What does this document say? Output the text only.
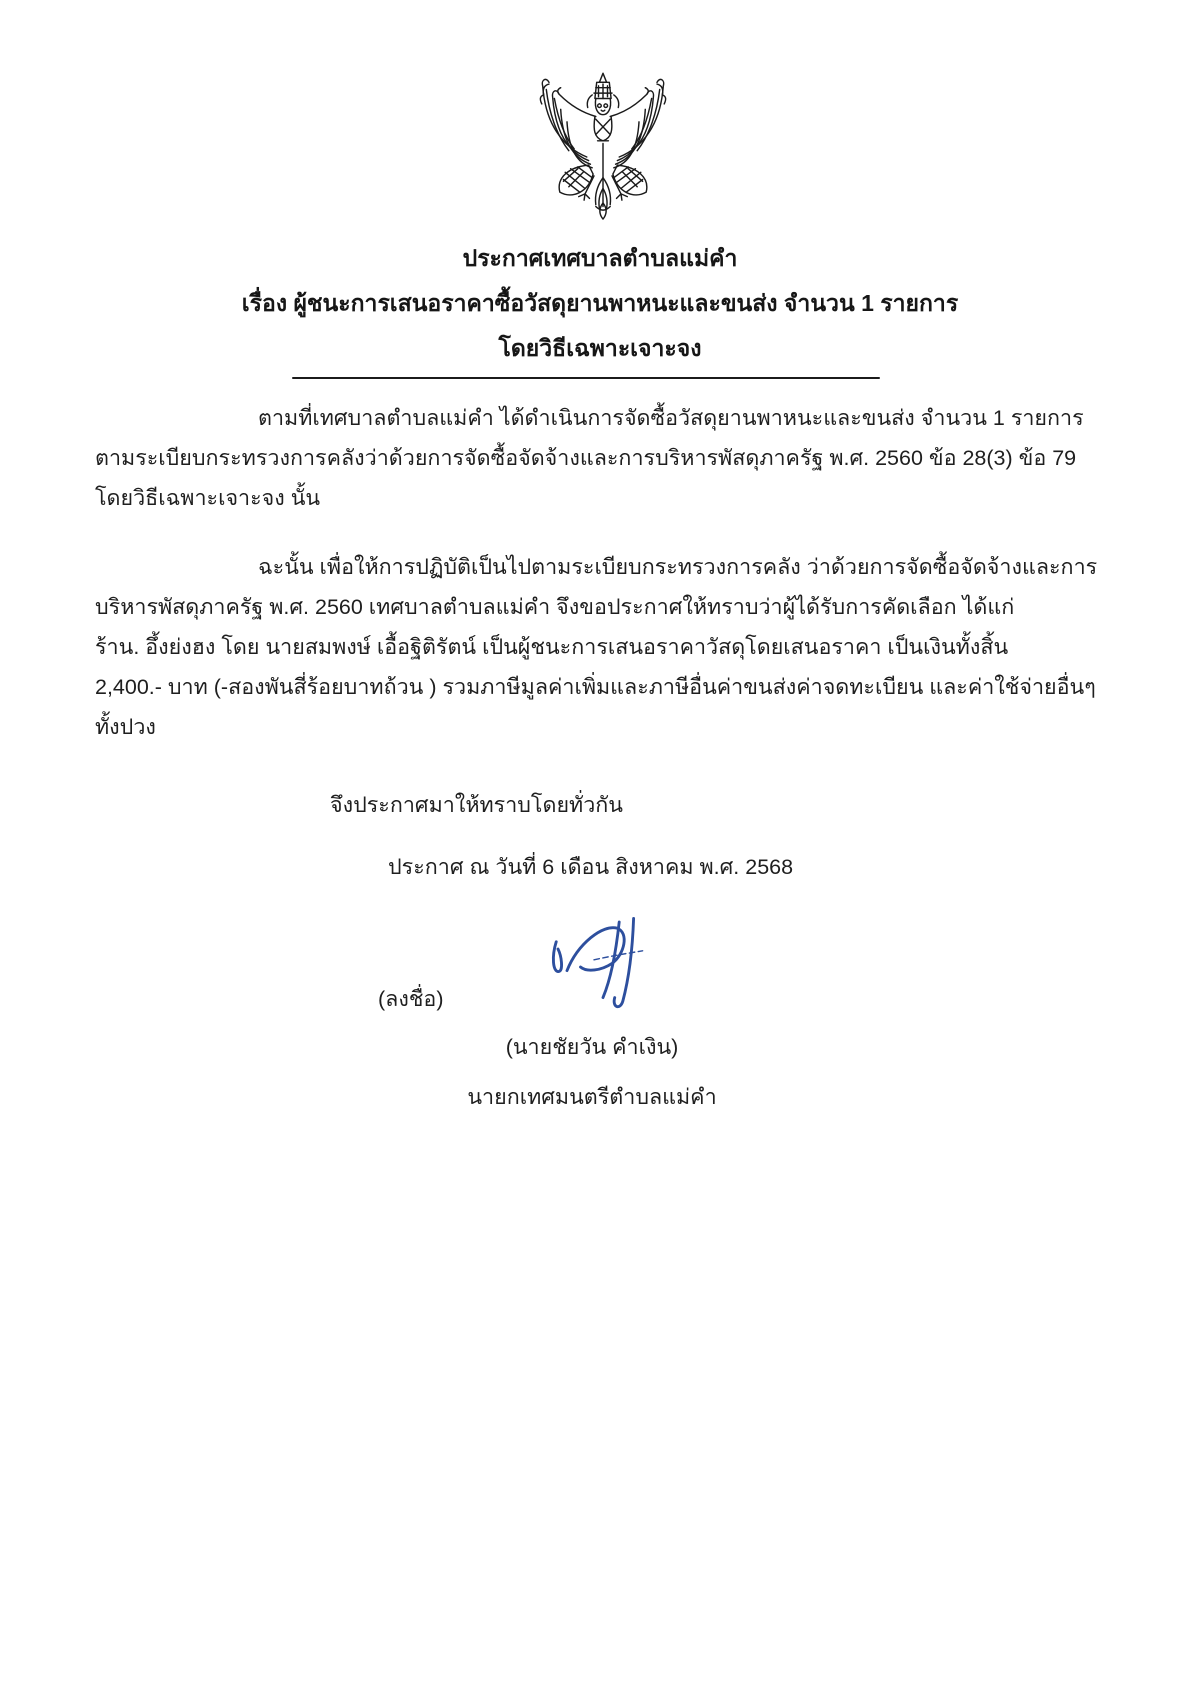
ประกาศเทศบาลตำบลแม่คำ
เรื่อง ผู้ชนะการเสนอราคาซื้อวัสดุยานพาหนะและขนส่ง จำนวน 1 รายการ
โดยวิธีเฉพาะเจาะจง
ตามที่เทศบาลตำบลแม่คำ ได้ดำเนินการจัดซื้อวัสดุยานพาหนะและขนส่ง จำนวน 1 รายการ
ตามระเบียบกระทรวงการคลังว่าด้วยการจัดซื้อจัดจ้างและการบริหารพัสดุภาครัฐ พ.ศ. 2560 ข้อ 28(3) ข้อ 79
โดยวิธีเฉพาะเจาะจง นั้น
ฉะนั้น เพื่อให้การปฏิบัติเป็นไปตามระเบียบกระทรวงการคลัง ว่าด้วยการจัดซื้อจัดจ้างและการ
บริหารพัสดุภาครัฐ พ.ศ. 2560 เทศบาลตำบลแม่คำ จึงขอประกาศให้ทราบว่าผู้ได้รับการคัดเลือก ได้แก่
ร้าน. อึ้งย่งฮง โดย นายสมพงษ์ เอื้อฐิติรัตน์ เป็นผู้ชนะการเสนอราคาวัสดุโดยเสนอราคา เป็นเงินทั้งสิ้น
2,400.- บาท (-สองพันสี่ร้อยบาทถ้วน ) รวมภาษีมูลค่าเพิ่มและภาษีอื่นค่าขนส่งค่าจดทะเบียน และค่าใช้จ่ายอื่นๆ
ทั้งปวง
จึงประกาศมาให้ทราบโดยทั่วกัน
ประกาศ ณ วันที่ 6 เดือน สิงหาคม พ.ศ. 2568
(ลงชื่อ)
(นายชัยวัน คำเงิน)
นายกเทศมนตรีตำบลแม่คำ
